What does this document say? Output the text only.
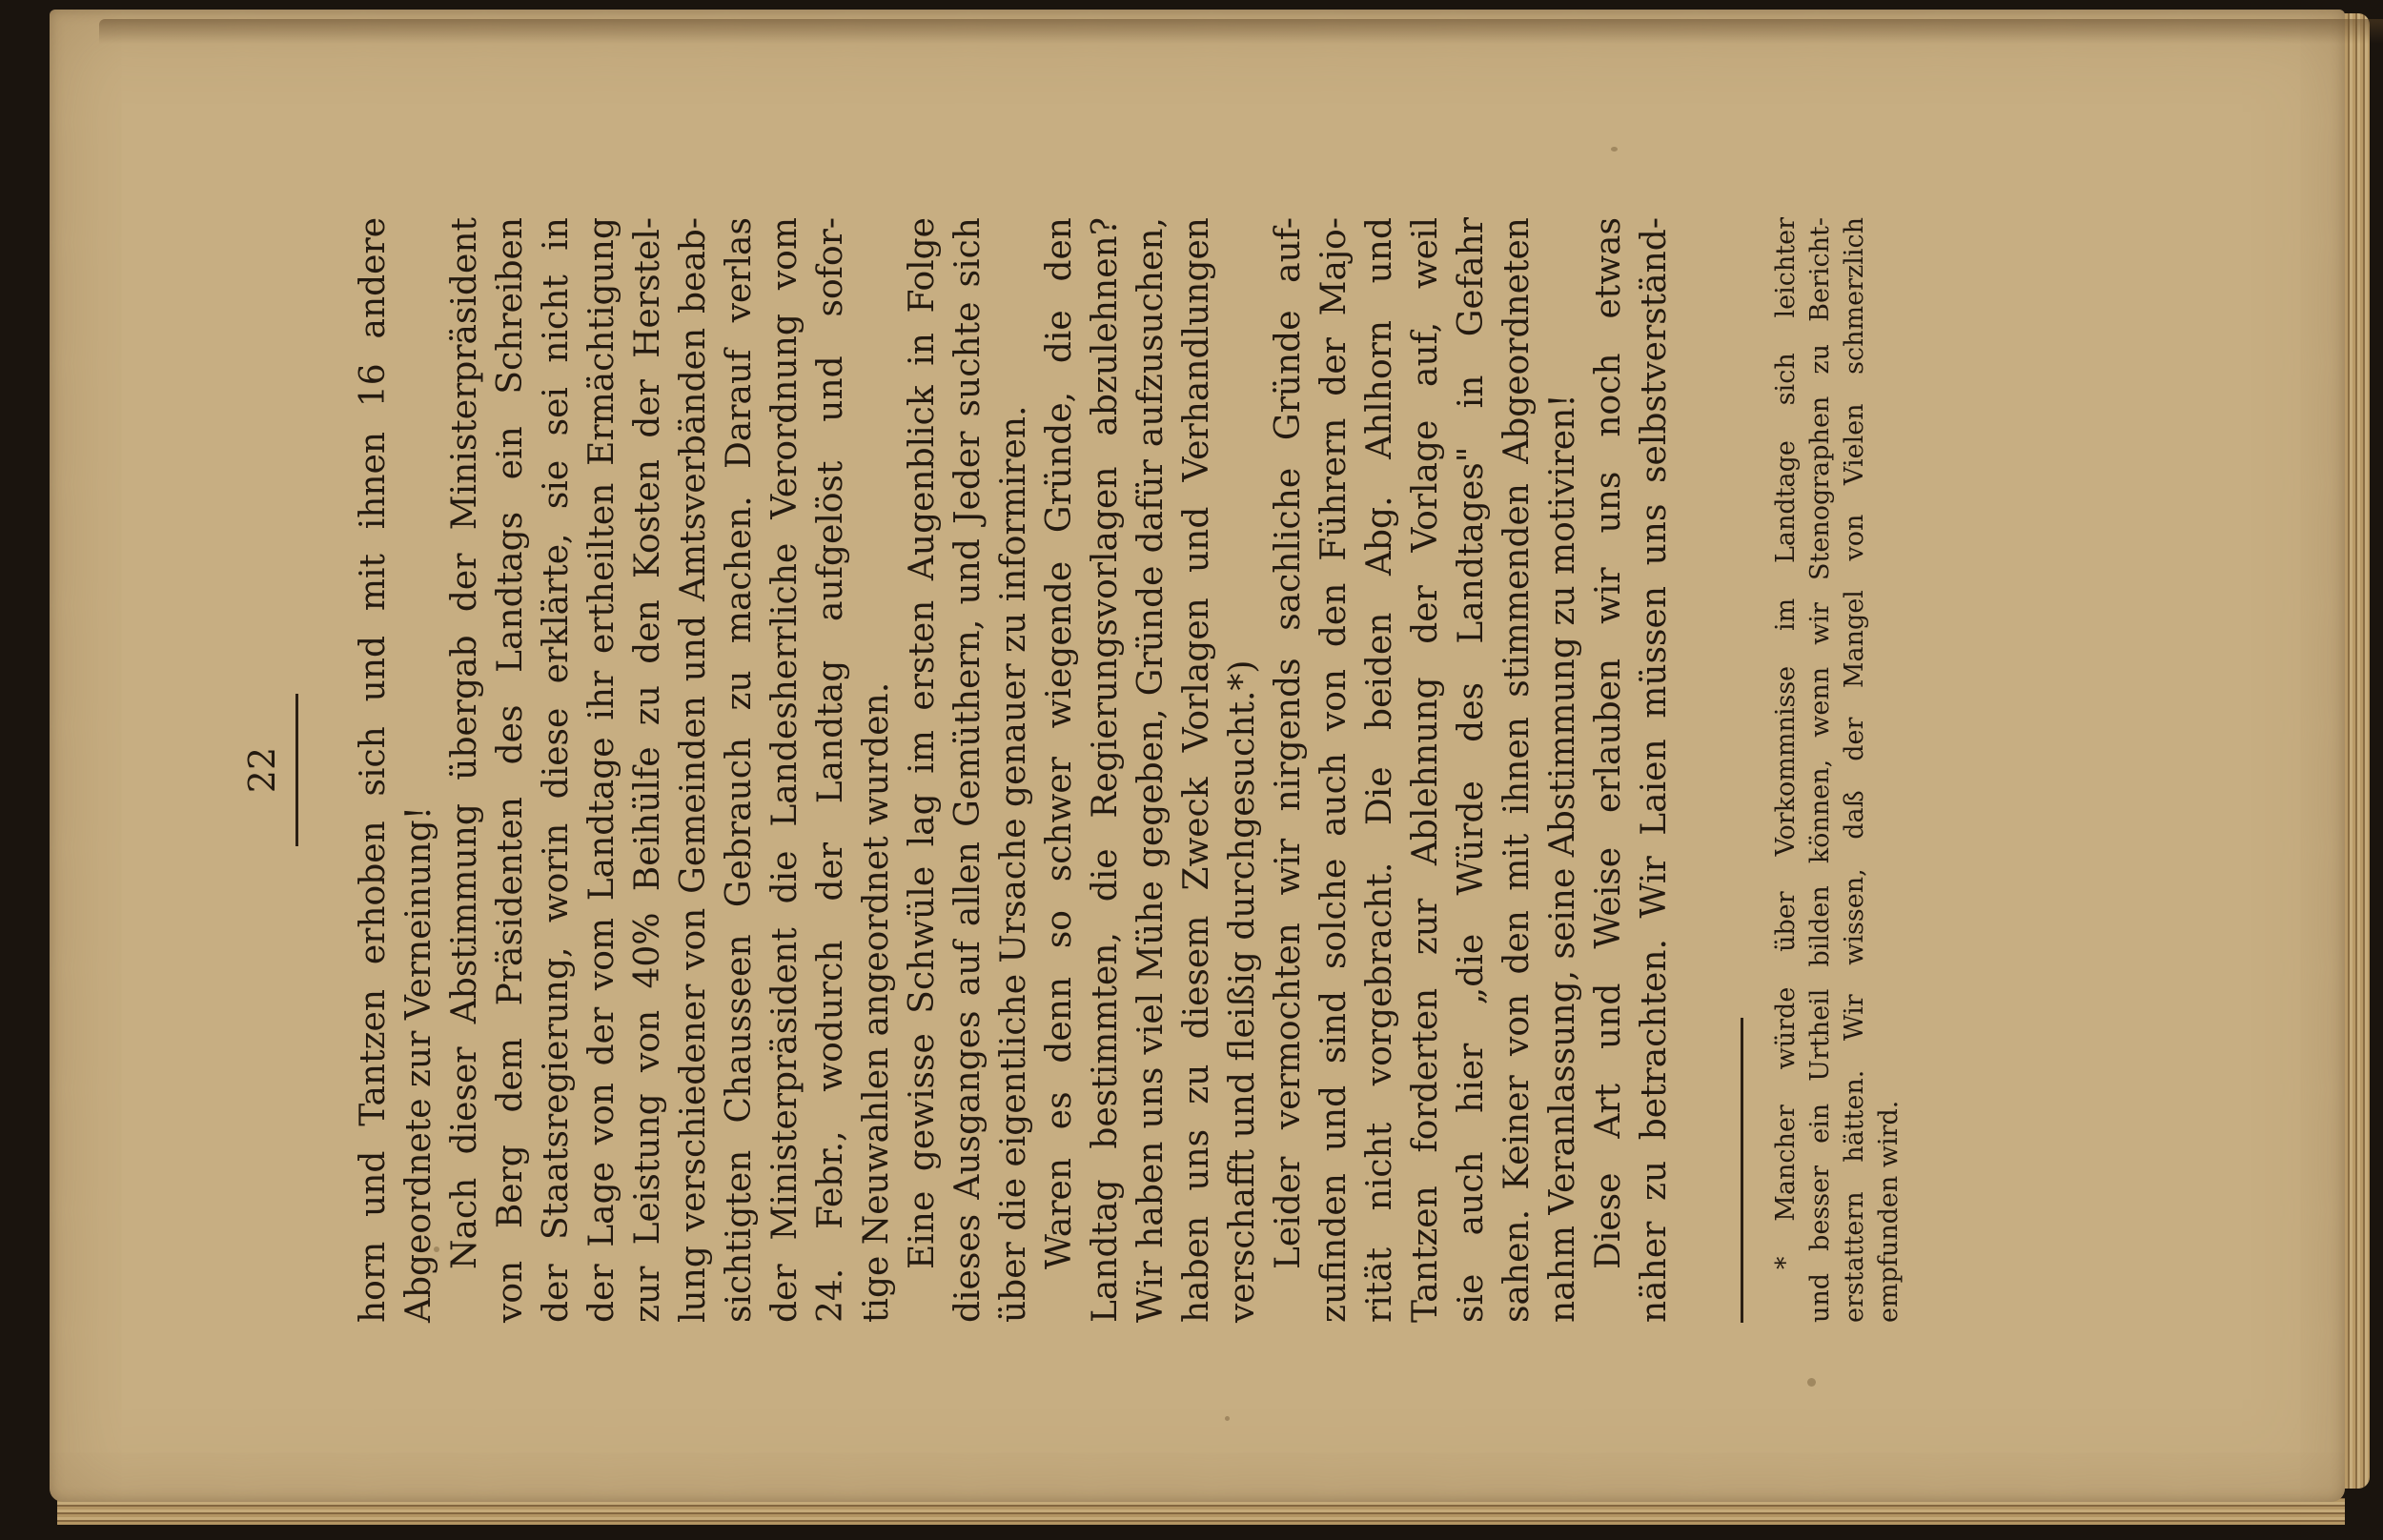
22 horn und Tantzen erhoben sich und mit ihnen 16 andere Abgeordnete zur Verneinung! Nach dieser Abstimmung übergab der Ministerpräsident von Berg dem Präsidenten des Landtags ein Schreiben der Staatsregierung, worin diese erklärte, sie sei nicht in der Lage von der vom Landtage ihr ertheilten Ermächtigung zur Leistung von 40% Beihülfe zu den Kosten der Herstel- lung verschiedener von Gemeinden und Amtsverbänden beab- sichtigten Chausseen Gebrauch zu machen. Darauf verlas der Ministerpräsident die Landesherrliche Verordnung vom 24. Febr., wodurch der Landtag aufgelöst und sofor- tige Neuwahlen angeordnet wurden. Eine gewisse Schwüle lag im ersten Augenblick in Folge dieses Ausganges auf allen Gemüthern, und Jeder suchte sich über die eigentliche Ursache genauer zu informiren. Waren es denn so schwer wiegende Gründe, die den Landtag bestimmten, die Regierungsvorlagen abzulehnen? Wir haben uns viel Mühe gegeben, Gründe dafür aufzusuchen, haben uns zu diesem Zweck Vorlagen und Verhandlungen verschafft und fleißig durchgesucht.*) Leider vermochten wir nirgends sachliche Gründe auf- zufinden und sind solche auch von den Führern der Majo- rität nicht vorgebracht. Die beiden Abg. Ahlhorn und Tantzen forderten zur Ablehnung der Vorlage auf, weil sie auch hier „die Würde des Landtages" in Gefahr sahen. Keiner von den mit ihnen stimmenden Abgeordneten nahm Veranlassung, seine Abstimmung zu motiviren! Diese Art und Weise erlauben wir uns noch etwas näher zu betrachten. Wir Laien müssen uns selbstverständ-	* Mancher würde über Vorkommnisse im Landtage sich leichter und besser ein Urtheil bilden können, wenn wir Stenographen zu Bericht- erstattern hätten. Wir wissen, daß der Mangel von Vielen schmerzlich empfunden wird.
